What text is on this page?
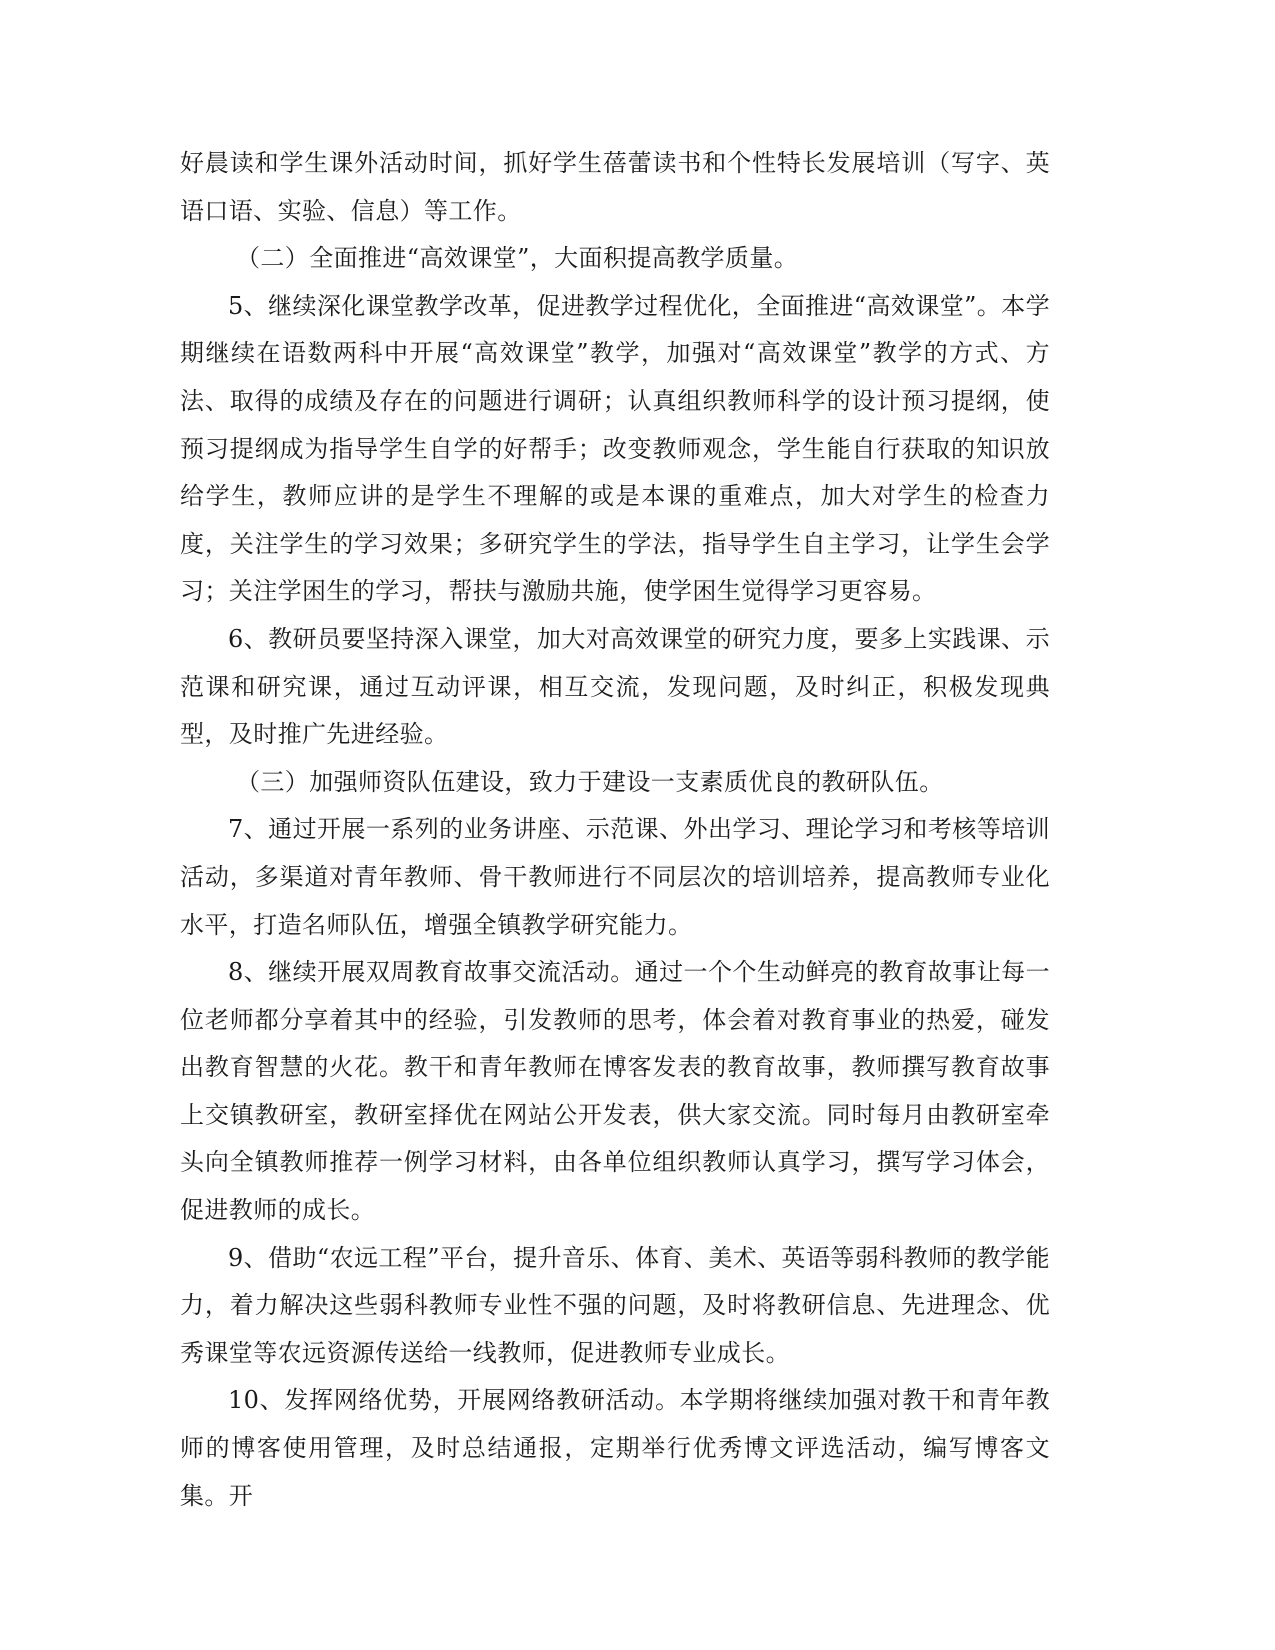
好晨读和学生课外活动时间，抓好学生蓓蕾读书和个性特长发展培训（写字、英语口语、实验、信息）等工作。

（二）全面推进“高效课堂”，大面积提高教学质量。

5、继续深化课堂教学改革，促进教学过程优化，全面推进“高效课堂”。本学期继续在语数两科中开展“高效课堂”教学，加强对“高效课堂”教学的方式、方法、取得的成绩及存在的问题进行调研；认真组织教师科学的设计预习提纲，使预习提纲成为指导学生自学的好帮手；改变教师观念，学生能自行获取的知识放给学生，教师应讲的是学生不理解的或是本课的重难点，加大对学生的检查力度，关注学生的学习效果；多研究学生的学法，指导学生自主学习，让学生会学习；关注学困生的学习，帮扶与激励共施，使学困生觉得学习更容易。

6、教研员要坚持深入课堂，加大对高效课堂的研究力度，要多上实践课、示范课和研究课，通过互动评课，相互交流，发现问题，及时纠正，积极发现典型，及时推广先进经验。

（三）加强师资队伍建设，致力于建设一支素质优良的教研队伍。

7、通过开展一系列的业务讲座、示范课、外出学习、理论学习和考核等培训活动，多渠道对青年教师、骨干教师进行不同层次的培训培养，提高教师专业化水平，打造名师队伍，增强全镇教学研究能力。

8、继续开展双周教育故事交流活动。通过一个个生动鲜亮的教育故事让每一位老师都分享着其中的经验，引发教师的思考，体会着对教育事业的热爱，碰发出教育智慧的火花。教干和青年教师在博客发表的教育故事，教师撰写教育故事上交镇教研室，教研室择优在网站公开发表，供大家交流。同时每月由教研室牵头向全镇教师推荐一例学习材料，由各单位组织教师认真学习，撰写学习体会，促进教师的成长。

9、借助“农远工程”平台，提升音乐、体育、美术、英语等弱科教师的教学能力，着力解决这些弱科教师专业性不强的问题，及时将教研信息、先进理念、优秀课堂等农远资源传送给一线教师，促进教师专业成长。

10、发挥网络优势，开展网络教研活动。本学期将继续加强对教干和青年教师的博客使用管理，及时总结通报，定期举行优秀博文评选活动，编写博客文集。开
